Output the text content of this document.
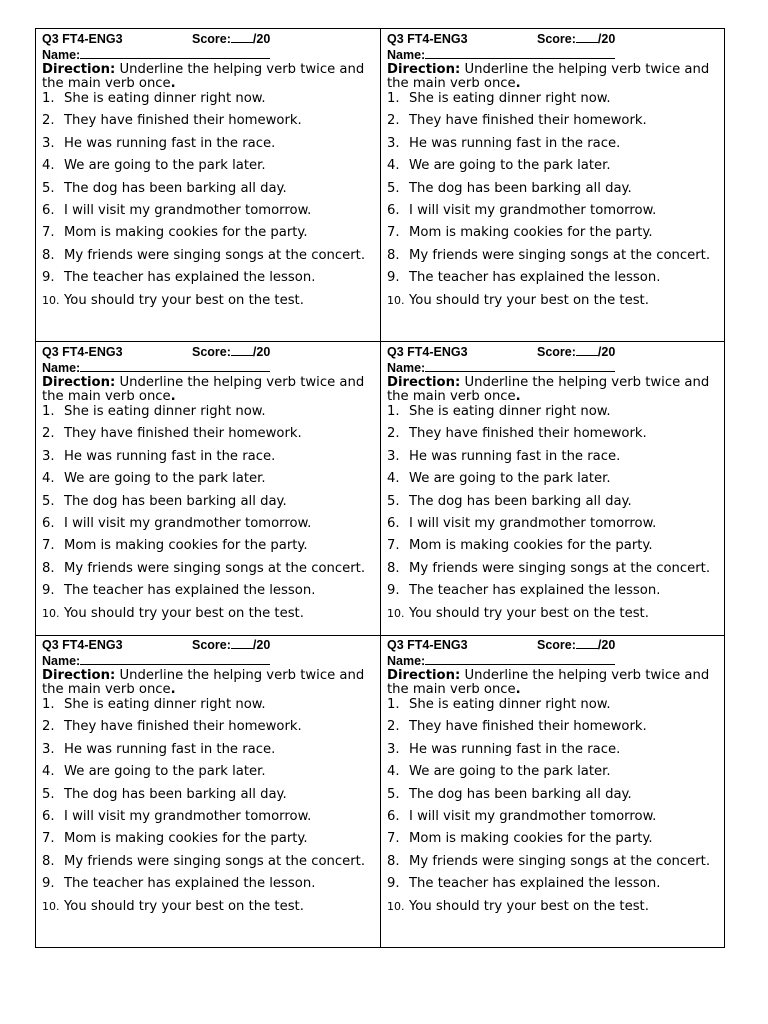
Q3 FT4-ENG3	Score: /20
Name:
Direction: Underline the helping verb twice and the main verb once.
1. She is eating dinner right now.
2. They have finished their homework.
3. He was running fast in the race.
4. We are going to the park later.
5. The dog has been barking all day.
6. I will visit my grandmother tomorrow.
7. Mom is making cookies for the party.
8. My friends were singing songs at the concert.
9. The teacher has explained the lesson.
10. You should try your best on the test.
Q3 FT4-ENG3	Score: /20
Name:
Direction: Underline the helping verb twice and the main verb once.
1. She is eating dinner right now.
2. They have finished their homework.
3. He was running fast in the race.
4. We are going to the park later.
5. The dog has been barking all day.
6. I will visit my grandmother tomorrow.
7. Mom is making cookies for the party.
8. My friends were singing songs at the concert.
9. The teacher has explained the lesson.
10. You should try your best on the test.
Q3 FT4-ENG3	Score: /20
Name:
Direction: Underline the helping verb twice and the main verb once.
1. She is eating dinner right now.
2. They have finished their homework.
3. He was running fast in the race.
4. We are going to the park later.
5. The dog has been barking all day.
6. I will visit my grandmother tomorrow.
7. Mom is making cookies for the party.
8. My friends were singing songs at the concert.
9. The teacher has explained the lesson.
10. You should try your best on the test.
Q3 FT4-ENG3	Score: /20
Name:
Direction: Underline the helping verb twice and the main verb once.
1. She is eating dinner right now.
2. They have finished their homework.
3. He was running fast in the race.
4. We are going to the park later.
5. The dog has been barking all day.
6. I will visit my grandmother tomorrow.
7. Mom is making cookies for the party.
8. My friends were singing songs at the concert.
9. The teacher has explained the lesson.
10. You should try your best on the test.
Q3 FT4-ENG3	Score: /20
Name:
Direction: Underline the helping verb twice and the main verb once.
1. She is eating dinner right now.
2. They have finished their homework.
3. He was running fast in the race.
4. We are going to the park later.
5. The dog has been barking all day.
6. I will visit my grandmother tomorrow.
7. Mom is making cookies for the party.
8. My friends were singing songs at the concert.
9. The teacher has explained the lesson.
10. You should try your best on the test.
Q3 FT4-ENG3	Score: /20
Name:
Direction: Underline the helping verb twice and the main verb once.
1. She is eating dinner right now.
2. They have finished their homework.
3. He was running fast in the race.
4. We are going to the park later.
5. The dog has been barking all day.
6. I will visit my grandmother tomorrow.
7. Mom is making cookies for the party.
8. My friends were singing songs at the concert.
9. The teacher has explained the lesson.
10. You should try your best on the test.
